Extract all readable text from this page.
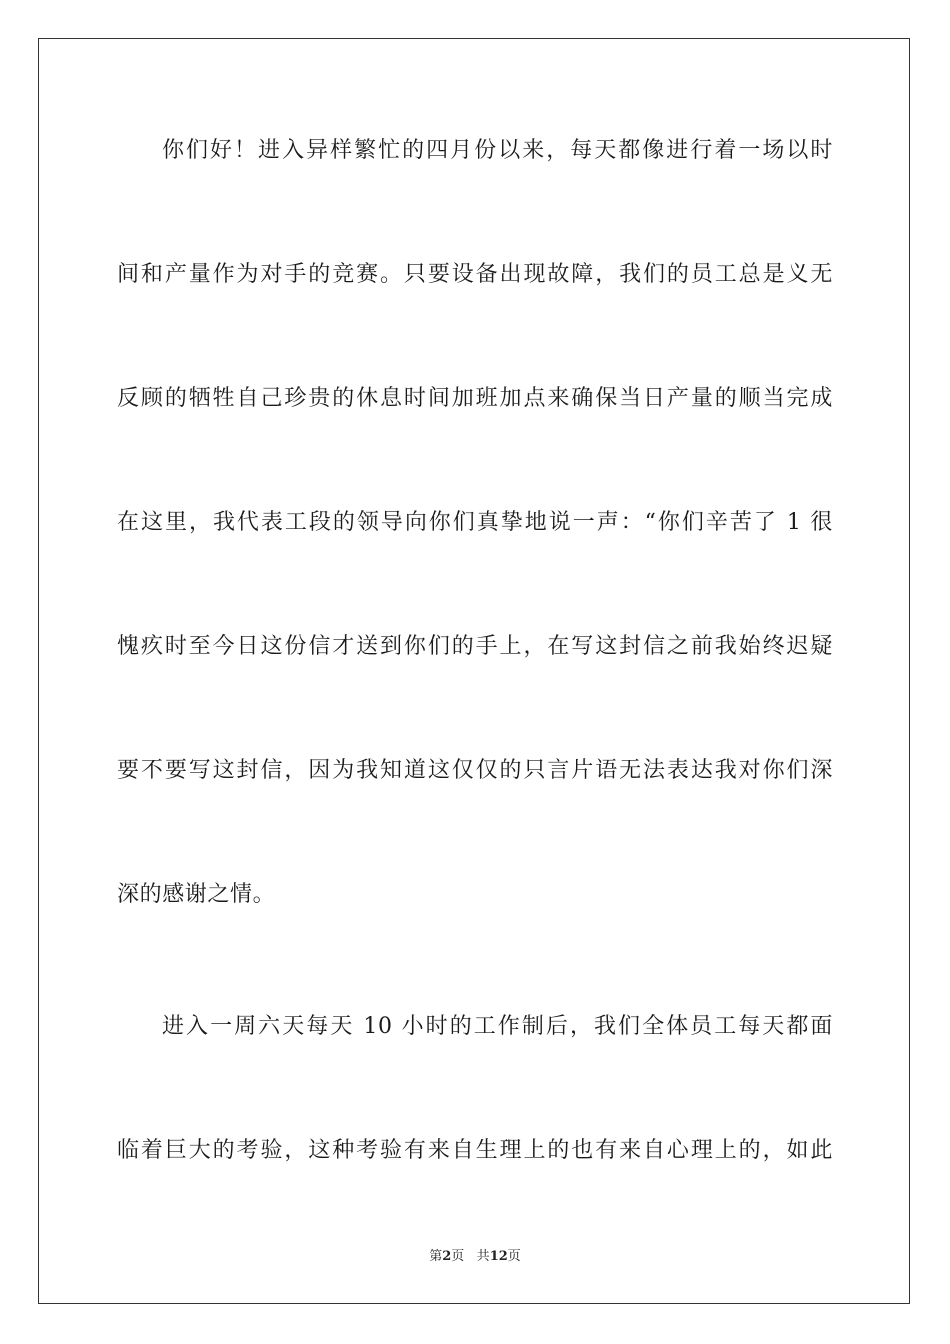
你们好！进入异样繁忙的四月份以来，每天都像进行着一场以时
间和产量作为对手的竞赛。只要设备出现故障，我们的员工总是义无
反顾的牺牲自己珍贵的休息时间加班加点来确保当日产量的顺当完成
在这里，我代表工段的领导向你们真挚地说一声：“你们辛苦了 1 很
愧疚时至今日这份信才送到你们的手上，在写这封信之前我始终迟疑
要不要写这封信，因为我知道这仅仅的只言片语无法表达我对你们深
深的感谢之情。
进入一周六天每天 10 小时的工作制后，我们全体员工每天都面
临着巨大的考验，这种考验有来自生理上的也有来自心理上的，如此
第2页 共12页
